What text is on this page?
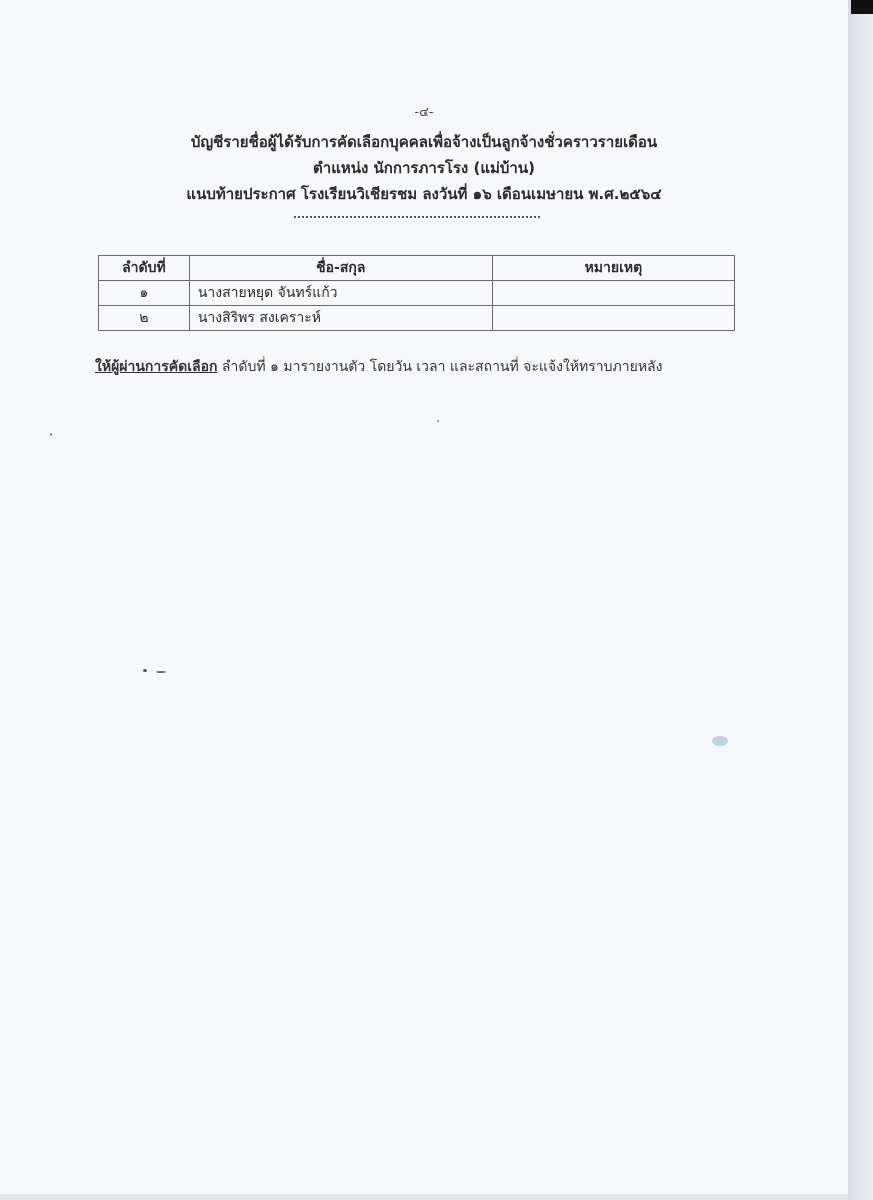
-๔-
บัญชีรายชื่อผู้ได้รับการคัดเลือกบุคคลเพื่อจ้างเป็นลูกจ้างชั่วคราวรายเดือน
ตำแหน่ง นักการภารโรง (แม่บ้าน)
แนบท้ายประกาศ โรงเรียนวิเชียรชม ลงวันที่ ๑๖ เดือนเมษายน พ.ศ.๒๕๖๔
ลำดับที่	ชื่อ-สกุล	หมายเหตุ
๑	นางสายหยุด จันทร์แก้ว	
๒	นางสิริพร สงเคราะห์	
ให้ผู้ผ่านการคัดเลือก ลำดับที่ ๑ มารายงานตัว โดยวัน เวลา และสถานที่ จะแจ้งให้ทราบภายหลัง
